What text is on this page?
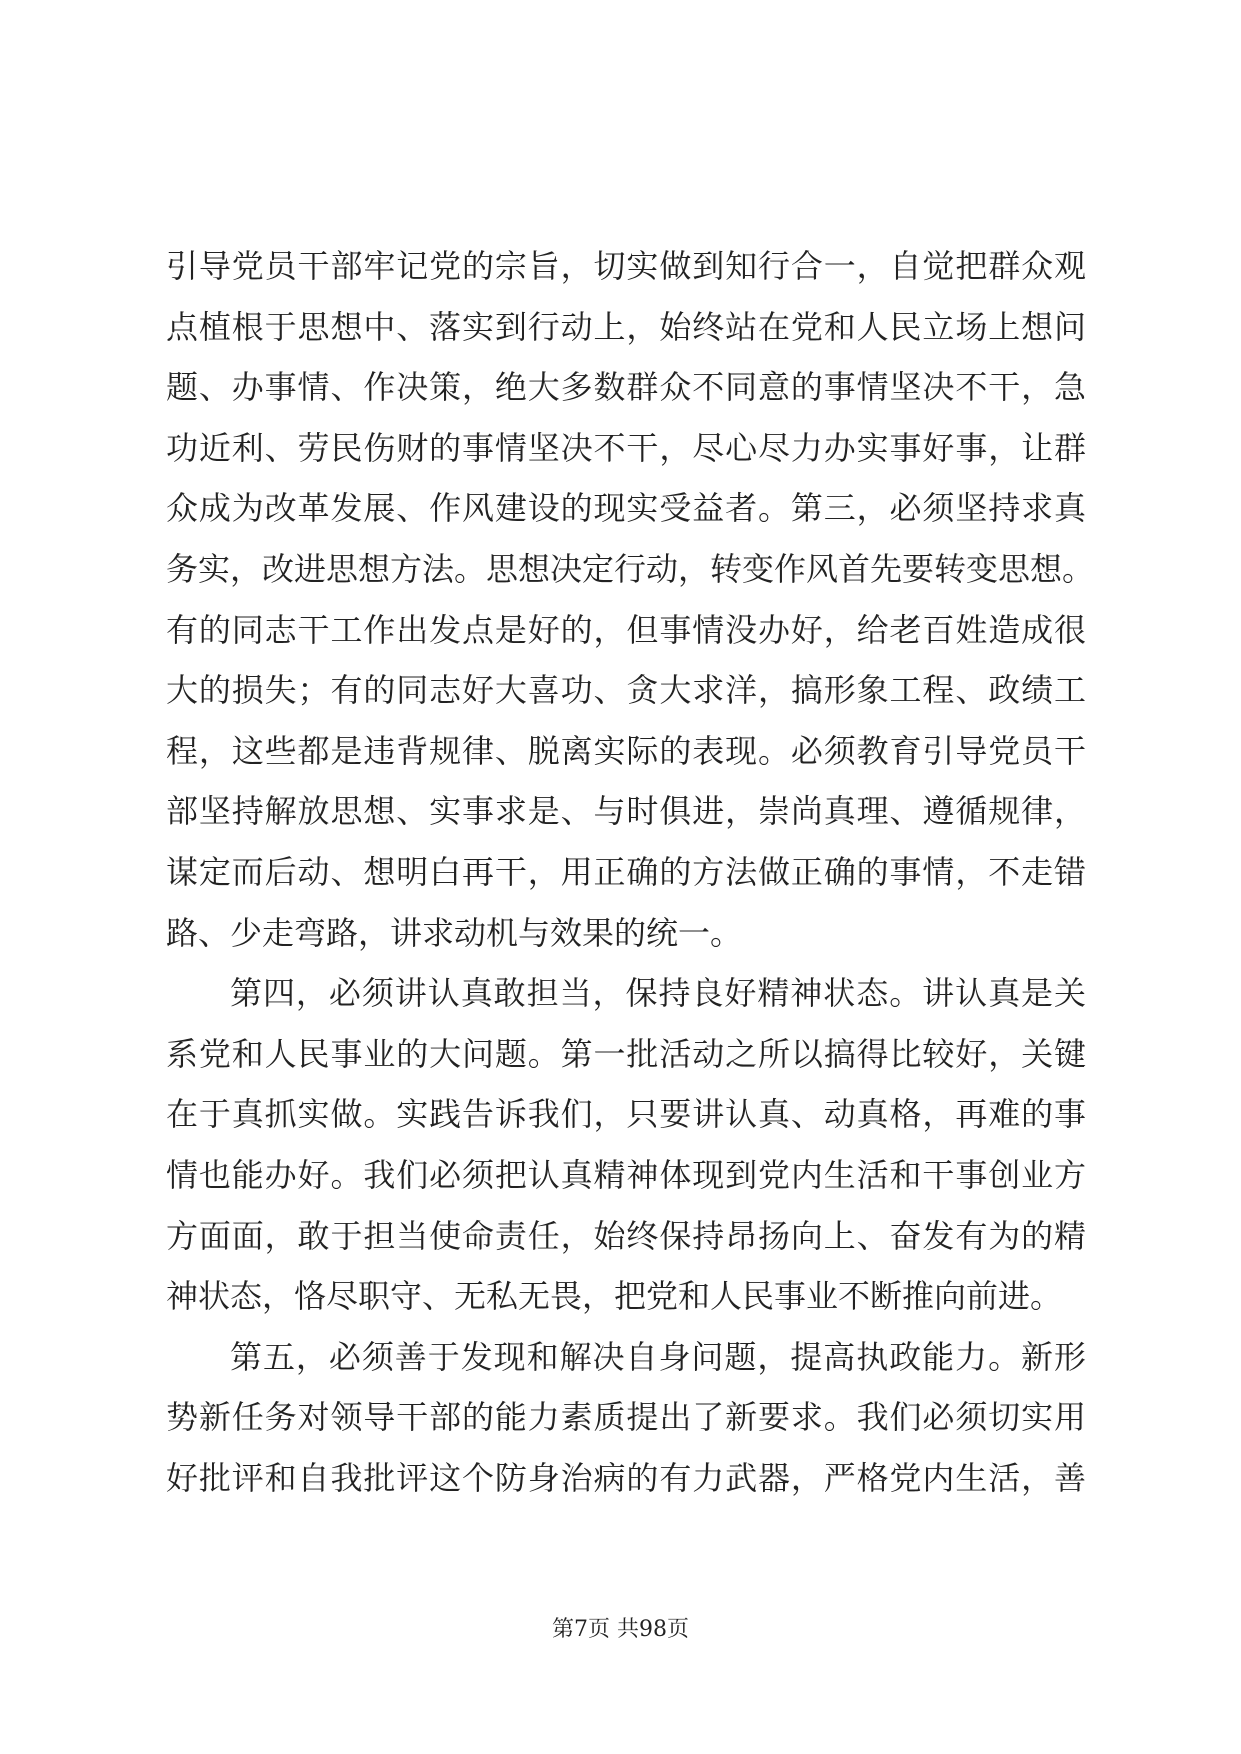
引导党员干部牢记党的宗旨，切实做到知行合一，自觉把群众观
点植根于思想中、落实到行动上，始终站在党和人民立场上想问
题、办事情、作决策，绝大多数群众不同意的事情坚决不干，急
功近利、劳民伤财的事情坚决不干，尽心尽力办实事好事，让群
众成为改革发展、作风建设的现实受益者。第三，必须坚持求真
务实，改进思想方法。思想决定行动，转变作风首先要转变思想。
有的同志干工作出发点是好的，但事情没办好，给老百姓造成很
大的损失；有的同志好大喜功、贪大求洋，搞形象工程、政绩工
程，这些都是违背规律、脱离实际的表现。必须教育引导党员干
部坚持解放思想、实事求是、与时俱进，崇尚真理、遵循规律，
谋定而后动、想明白再干，用正确的方法做正确的事情，不走错
路、少走弯路，讲求动机与效果的统一。
第四，必须讲认真敢担当，保持良好精神状态。讲认真是关
系党和人民事业的大问题。第一批活动之所以搞得比较好，关键
在于真抓实做。实践告诉我们，只要讲认真、动真格，再难的事
情也能办好。我们必须把认真精神体现到党内生活和干事创业方
方面面，敢于担当使命责任，始终保持昂扬向上、奋发有为的精
神状态，恪尽职守、无私无畏，把党和人民事业不断推向前进。
第五，必须善于发现和解决自身问题，提高执政能力。新形
势新任务对领导干部的能力素质提出了新要求。我们必须切实用
好批评和自我批评这个防身治病的有力武器，严格党内生活，善
第7页 共98页
